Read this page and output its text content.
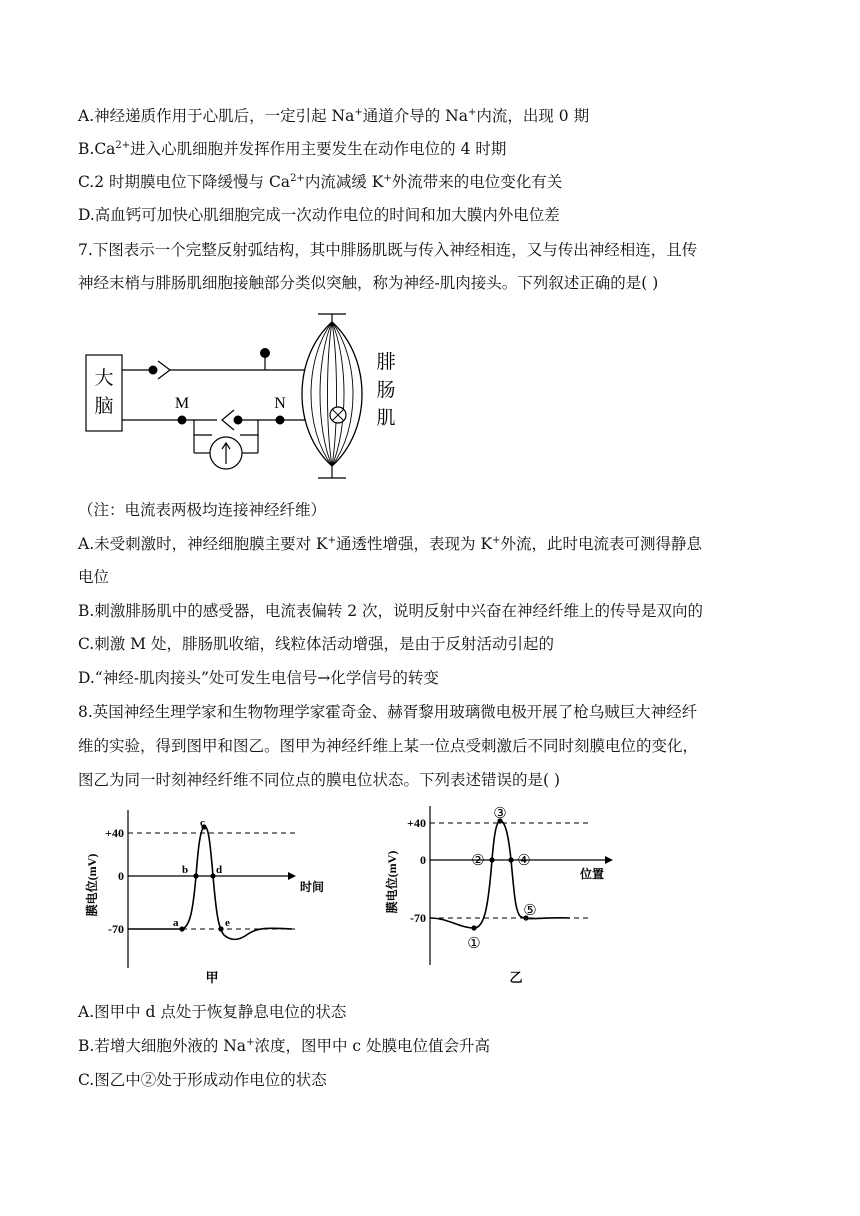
A.神经递质作用于心肌后，一定引起 Na+通道介导的 Na+内流，出现 0 期
$B.Ca^{2+}$进入心肌细胞并发挥作用主要发生在动作电位的 4 时期
C.2 时期膜电位下降缓慢与 $Ca^{2+}$内流减缓 K+外流带来的电位变化有关
D.高血钙可加快心肌细胞完成一次动作电位的时间和加大膜内外电位差
7.下图表示一个完整反射弧结构，其中腓肠肌既与传入神经相连，又与传出神经相连，且传
神经末梢与腓肠肌细胞接触部分类似突触，称为神经-肌肉接头。下列叙述正确的是( )
大
脑	M	N
腓
肠
肌
（注：电流表两极均连接神经纤维）
A.未受刺激时，神经细胞膜主要对 K+通透性增强，表现为 K+外流，此时电流表可测得静息
电位
B.刺激腓肠肌中的感受器，电流表偏转 2 次，说明反射中兴奋在神经纤维上的传导是双向的
C.刺激 M 处，腓肠肌收缩，线粒体活动增强，是由于反射活动引起的
D.“神经-肌肉接头”处可发生电信号→化学信号的转变
8.英国神经生理学家和生物物理学家霍奇金、赫胥黎用玻璃微电极开展了枪乌贼巨大神经纤
维的实验，得到图甲和图乙。图甲为神经纤维上某一位点受刺激后不同时刻膜电位的变化，
图乙为同一时刻神经纤维不同位点的膜电位状态。下列表述错误的是( )
膜电位(mV)
+40
0
-70
时间
a
b
c
d
e
甲
膜电位(mV)
+40
0
-70
位置
①
②
③
④
⑤
乙
A.图甲中 d 点处于恢复静息电位的状态
B.若增大细胞外液的 Na+浓度，图甲中 c 处膜电位值会升高
C.图乙中②处于形成动作电位的状态
